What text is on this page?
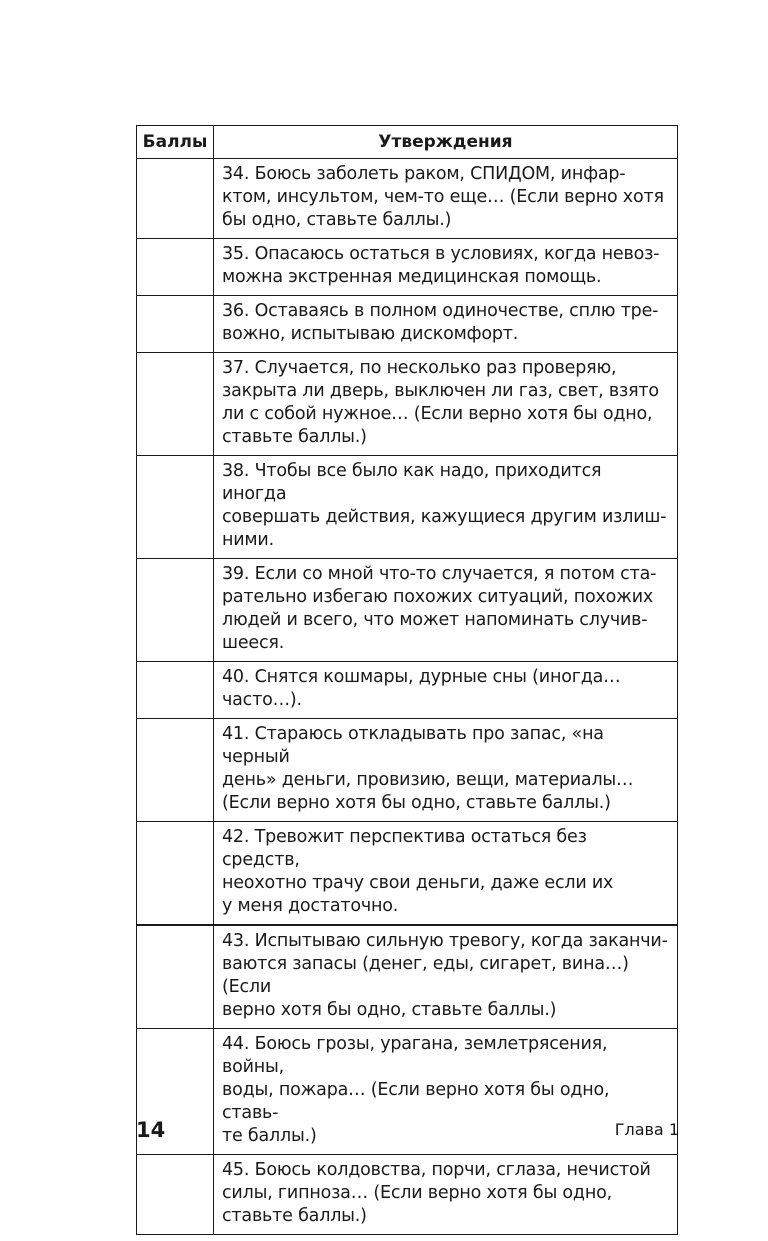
Баллы	Утверждения
	34. Боюсь заболеть раком, СПИДОМ, инфар-
ктом, инсультом, чем-то еще… (Если верно хотя
бы одно, ставьте баллы.)
	35. Опасаюсь остаться в условиях, когда невоз-
можна экстренная медицинская помощь.
	36. Оставаясь в полном одиночестве, сплю тре-
вожно, испытываю дискомфорт.
	37. Случается, по несколько раз проверяю,
закрыта ли дверь, выключен ли газ, свет, взято
ли с собой нужное… (Если верно хотя бы одно,
ставьте баллы.)
	38. Чтобы все было как надо, приходится иногда
совершать действия, кажущиеся другим излиш-
ними.
	39. Если со мной что-то случается, я потом ста-
рательно избегаю похожих ситуаций, похожих
людей и всего, что может напоминать случив-
шееся.
	40. Снятся кошмары, дурные сны (иногда…
часто…).
	41. Стараюсь откладывать про запас, «на черный
день» деньги, провизию, вещи, материалы…
(Если верно хотя бы одно, ставьте баллы.)
	42. Тревожит перспектива остаться без средств,
неохотно трачу свои деньги, даже если их
у меня достаточно.
	43. Испытываю сильную тревогу, когда заканчи-
ваются запасы (денег, еды, сигарет, вина…) (Если
верно хотя бы одно, ставьте баллы.)
	44. Боюсь грозы, урагана, землетрясения, войны,
воды, пожара… (Если верно хотя бы одно, ставь-
те баллы.)
	45. Боюсь колдовства, порчи, сглаза, нечистой
силы, гипноза… (Если верно хотя бы одно,
ставьте баллы.)
14	Глава 1
